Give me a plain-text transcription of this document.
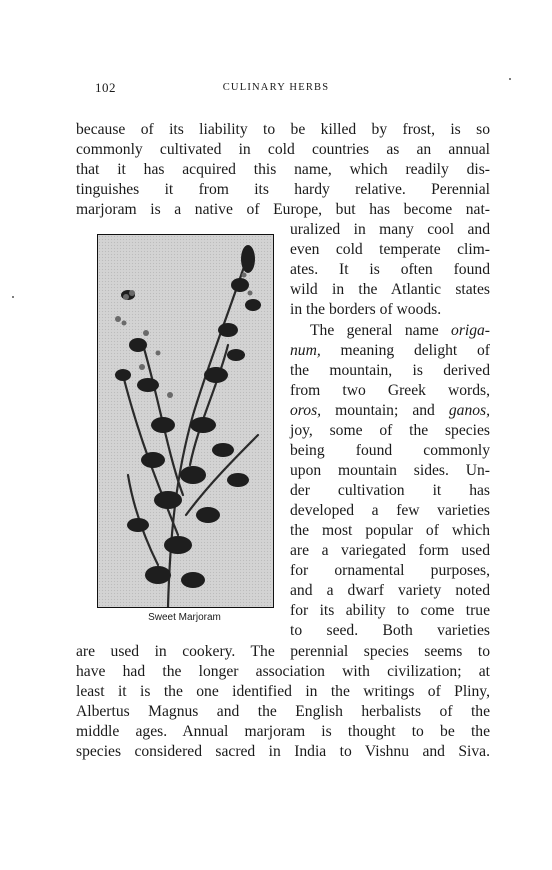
102	CULINARY HERBS
because of its liability to be killed by frost, is so
commonly cultivated in cold countries as an annual
that it has acquired this name, which readily dis-
tinguishes it from its hardy relative. Perennial
marjoram is a native of Europe, but has become nat-
Sweet Marjoram
uralized in many cool and
even cold temperate clim-
ates. It is often found
wild in the Atlantic states
in the borders of woods.
The general name origa-
num, meaning delight of
the mountain, is derived
from two Greek words,
oros, mountain; and ganos,
joy, some of the species
being found commonly
upon mountain sides. Un-
der cultivation it has
developed a few varieties
the most popular of which
are a variegated form used
for ornamental purposes,
and a dwarf variety noted
for its ability to come true
to seed. Both varieties
are used in cookery. The perennial species seems to
have had the longer association with civilization; at
least it is the one identified in the writings of Pliny,
Albertus Magnus and the English herbalists of the
middle ages. Annual marjoram is thought to be the
species considered sacred in India to Vishnu and Siva.
